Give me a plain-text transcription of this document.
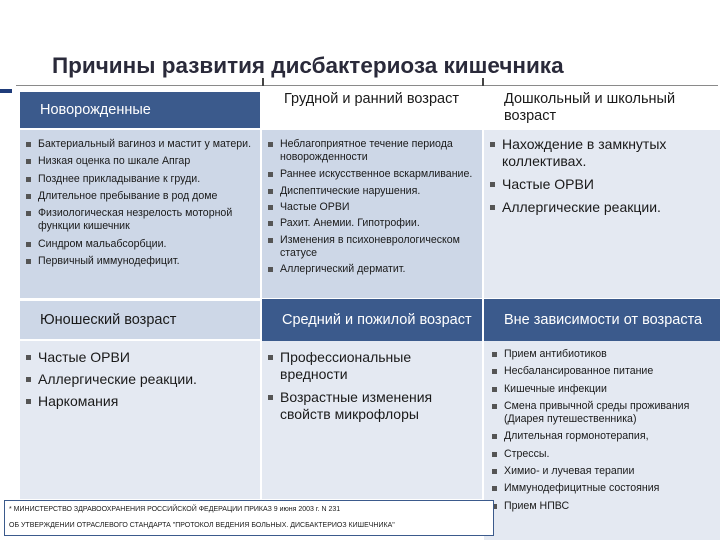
Причины развития дисбактериоза кишечника
Новорожденные
Бактериальный вагиноз и мастит у матери.
Низкая оценка по шкале Апгар
Позднее прикладывание к груди.
Длительное пребывание в род доме
Физиологическая незрелость моторной функции кишечник
Синдром мальабсорбции.
Первичный иммунодефицит.
Грудной и ранний возраст
Неблагоприятное течение периода новорожденности
Раннее искусственное вскармливание.
Диспептические нарушения.
Частые ОРВИ
Рахит. Анемии. Гипотрофии.
Изменения в психоневрологическом статусе
Аллергический дерматит.
Дошкольный и школьный возраст
Нахождение в замкнутых коллективах.
Частые ОРВИ
Аллергические реакции.
Юношеский возраст
Частые ОРВИ
Аллергические реакции.
Наркомания
Средний и пожилой возраст
Профессиональные вредности
Возрастные изменения свойств микрофлоры
Вне зависимости от возраста
Прием антибиотиков
Несбалансированное питание
Кишечные инфекции
Смена привычной среды проживания (Диарея путешественника)
Длительная гормонотерапия,
Стрессы.
Химио- и лучевая терапии
Иммунодефицитные состояния
Прием НПВС
* МИНИСТЕРСТВО ЗДРАВООХРАНЕНИЯ РОССИЙСКОЙ ФЕДЕРАЦИИ ПРИКАЗ 9 июня 2003 г. N 231
ОБ УТВЕРЖДЕНИИ ОТРАСЛЕВОГО СТАНДАРТА "ПРОТОКОЛ ВЕДЕНИЯ БОЛЬНЫХ. ДИСБАКТЕРИОЗ КИШЕЧНИКА"
